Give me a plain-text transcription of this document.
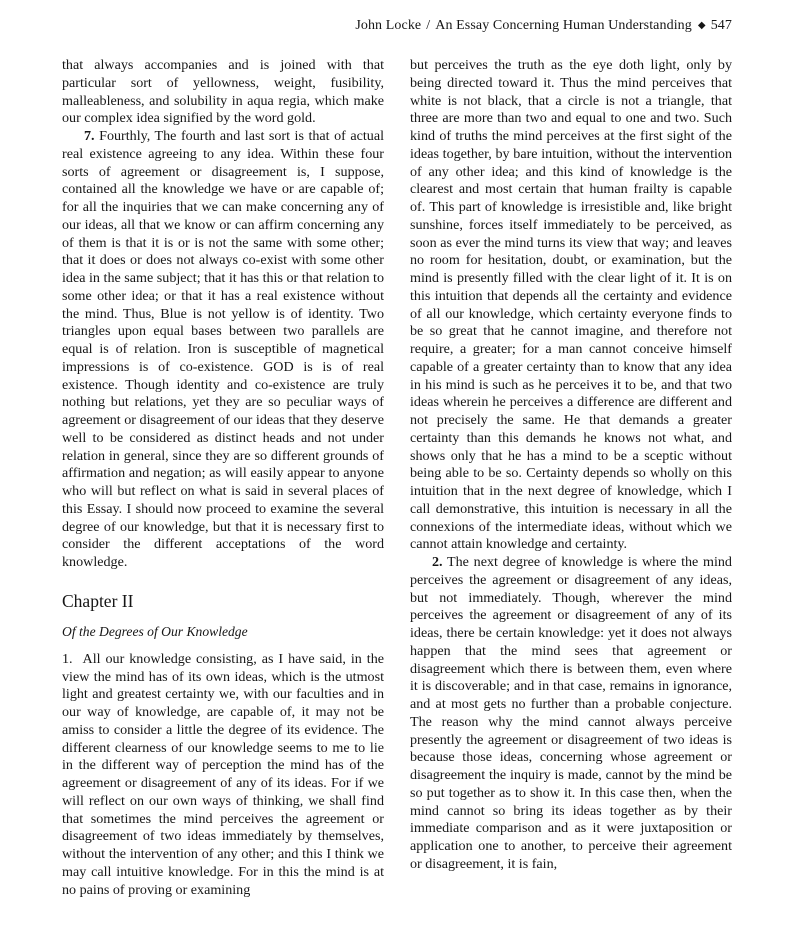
John Locke / An Essay Concerning Human Understanding ◆ 547

that always accompanies and is joined with that particular sort of yellowness, weight, fusibility, malleableness, and solubility in aqua regia, which make our complex idea signified by the word gold.

7. Fourthly, The fourth and last sort is that of actual real existence agreeing to any idea. Within these four sorts of agreement or disagreement is, I suppose, contained all the knowledge we have or are capable of; for all the inquiries that we can make concerning any of our ideas, all that we know or can affirm concerning any of them is that it is or is not the same with some other; that it does or does not always co-exist with some other idea in the same subject; that it has this or that relation to some other idea; or that it has a real existence without the mind. Thus, Blue is not yellow is of identity. Two triangles upon equal bases between two parallels are equal is of relation. Iron is susceptible of magnetical impressions is of co-existence. GOD is is of real existence. Though identity and co-existence are truly nothing but relations, yet they are so peculiar ways of agreement or disagreement of our ideas that they deserve well to be considered as distinct heads and not under relation in general, since they are so different grounds of affirmation and negation; as will easily appear to anyone who will but reflect on what is said in several places of this Essay. I should now proceed to examine the several degree of our knowledge, but that it is necessary first to consider the different acceptations of the word knowledge.

Chapter II
Of the Degrees of Our Knowledge

1. All our knowledge consisting, as I have said, in the view the mind has of its own ideas, which is the utmost light and greatest certainty we, with our faculties and in our way of knowledge, are capable of, it may not be amiss to consider a little the degree of its evidence. The different clearness of our knowledge seems to me to lie in the different way of perception the mind has of the agreement or disagreement of any of its ideas. For if we will reflect on our own ways of thinking, we shall find that sometimes the mind perceives the agreement or disagreement of two ideas immediately by themselves, without the intervention of any other; and this I think we may call intuitive knowledge. For in this the mind is at no pains of proving or examining

but perceives the truth as the eye doth light, only by being directed toward it. Thus the mind perceives that white is not black, that a circle is not a triangle, that three are more than two and equal to one and two. Such kind of truths the mind perceives at the first sight of the ideas together, by bare intuition, without the intervention of any other idea; and this kind of knowledge is the clearest and most certain that human frailty is capable of. This part of knowledge is irresistible and, like bright sunshine, forces itself immediately to be perceived, as soon as ever the mind turns its view that way; and leaves no room for hesitation, doubt, or examination, but the mind is presently filled with the clear light of it. It is on this intuition that depends all the certainty and evidence of all our knowledge, which certainty everyone finds to be so great that he cannot imagine, and therefore not require, a greater; for a man cannot conceive himself capable of a greater certainty than to know that any idea in his mind is such as he perceives it to be, and that two ideas wherein he perceives a difference are different and not precisely the same. He that demands a greater certainty than this demands he knows not what, and shows only that he has a mind to be a sceptic without being able to be so. Certainty depends so wholly on this intuition that in the next degree of knowledge, which I call demonstrative, this intuition is necessary in all the connexions of the intermediate ideas, without which we cannot attain knowledge and certainty.

2. The next degree of knowledge is where the mind perceives the agreement or disagreement of any ideas, but not immediately. Though, wherever the mind perceives the agreement or disagreement of any of its ideas, there be certain knowledge: yet it does not always happen that the mind sees that agreement or disagreement which there is between them, even where it is discoverable; and in that case, remains in ignorance, and at most gets no further than a probable conjecture. The reason why the mind cannot always perceive presently the agreement or disagreement of two ideas is because those ideas, concerning whose agreement or disagreement the inquiry is made, cannot by the mind be so put together as to show it. In this case then, when the mind cannot so bring its ideas together as by their immediate comparison and as it were juxtaposition or application one to another, to perceive their agreement or disagreement, it is fain,
